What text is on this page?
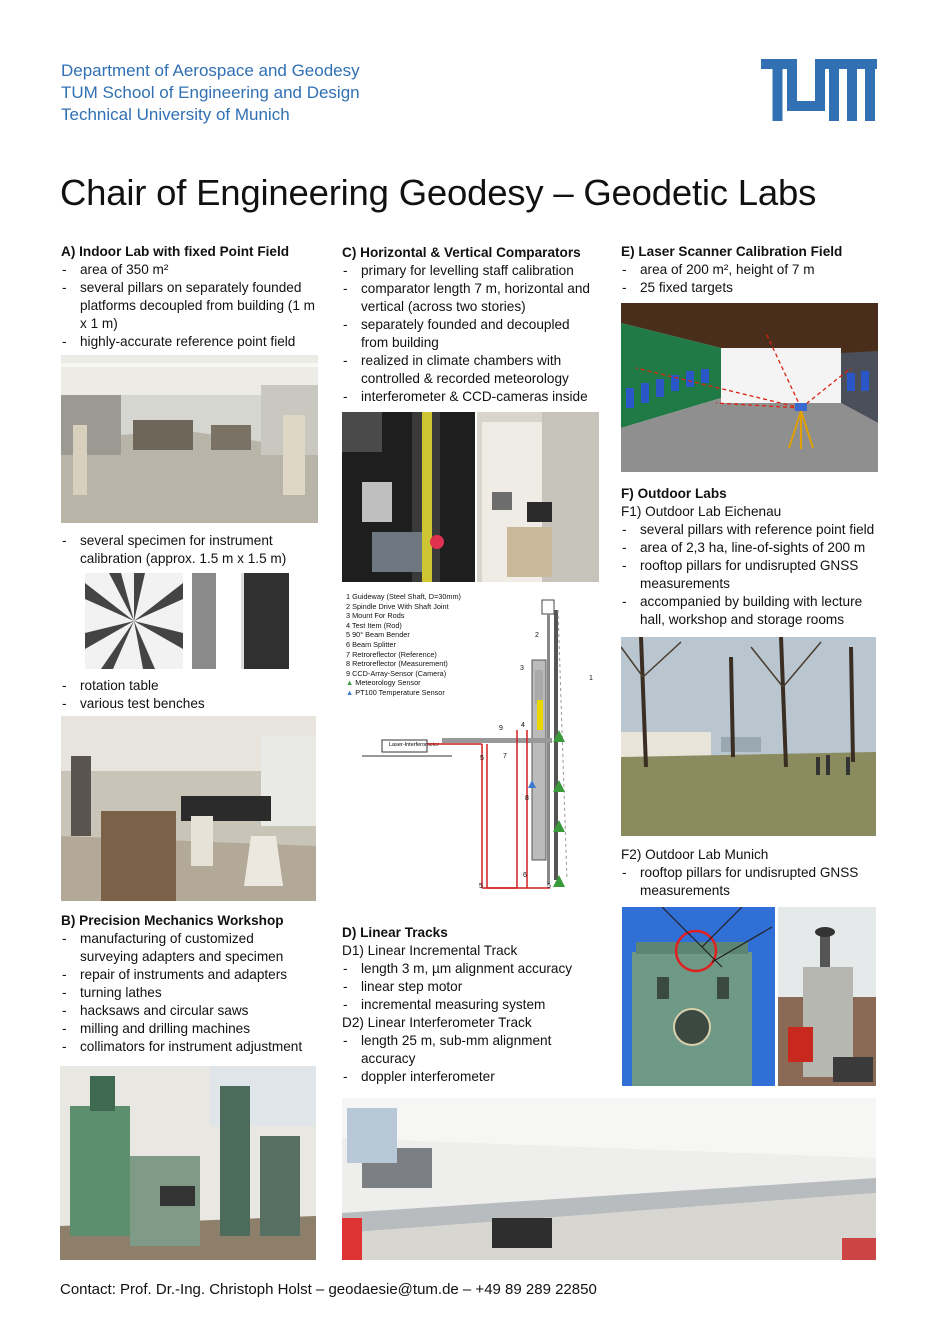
Department of Aerospace and Geodesy
TUM School of Engineering and Design
Technical University of Munich
Chair of Engineering Geodesy – Geodetic Labs
A) Indoor Lab with fixed Point Field
- area of 350 m²
- several pillars on separately founded platforms decoupled from building (1 m x 1 m)
- highly-accurate reference point field
- several specimen for instrument calibration (approx. 1.5 m x 1.5 m)
- rotation table
- various test benches
B) Precision Mechanics Workshop
- manufacturing of customized surveying adapters and specimen
- repair of instruments and adapters
- turning lathes
- hacksaws and circular saws
- milling and drilling machines
- collimators for instrument adjustment
C) Horizontal & Vertical Comparators
- primary for levelling staff calibration
- comparator length 7 m, horizontal and vertical (across two stories)
- separately founded and decoupled from building
- realized in climate chambers with controlled & recorded meteorology
- interferometer & CCD-cameras inside
1 Guideway (Steel Shaft, D=30mm)
2 Spindle Drive With Shaft Joint
3 Mount For Rods
4 Test Item (Rod)
5 90° Beam Bender
6 Beam Splitter
7 Retroreflector (Reference)
8 Retroreflector (Measurement)
9 CCD-Array-Sensor (Camera)
▲ Meteorology Sensor
▲ PT100 Temperature Sensor
Laser-Interferometer
2
3
1
4
9
5	7
8
6
5	5
D) Linear Tracks
D1) Linear Incremental Track
- length 3 m, µm alignment accuracy
- linear step motor
- incremental measuring system
D2) Linear Interferometer Track
- length 25 m, sub-mm alignment accuracy
- doppler interferometer
E) Laser Scanner Calibration Field
- area of 200 m², height of 7 m
- 25 fixed targets
F) Outdoor Labs
F1) Outdoor Lab Eichenau
- several pillars with reference point field
- area of 2,3 ha, line-of-sights of 200 m
- rooftop pillars for undisrupted GNSS measurements
- accompanied by building with lecture hall, workshop and storage rooms
F2) Outdoor Lab Munich
- rooftop pillars for undisrupted GNSS measurements
Contact: Prof. Dr.-Ing. Christoph Holst – geodaesie@tum.de – +49 89 289 22850
